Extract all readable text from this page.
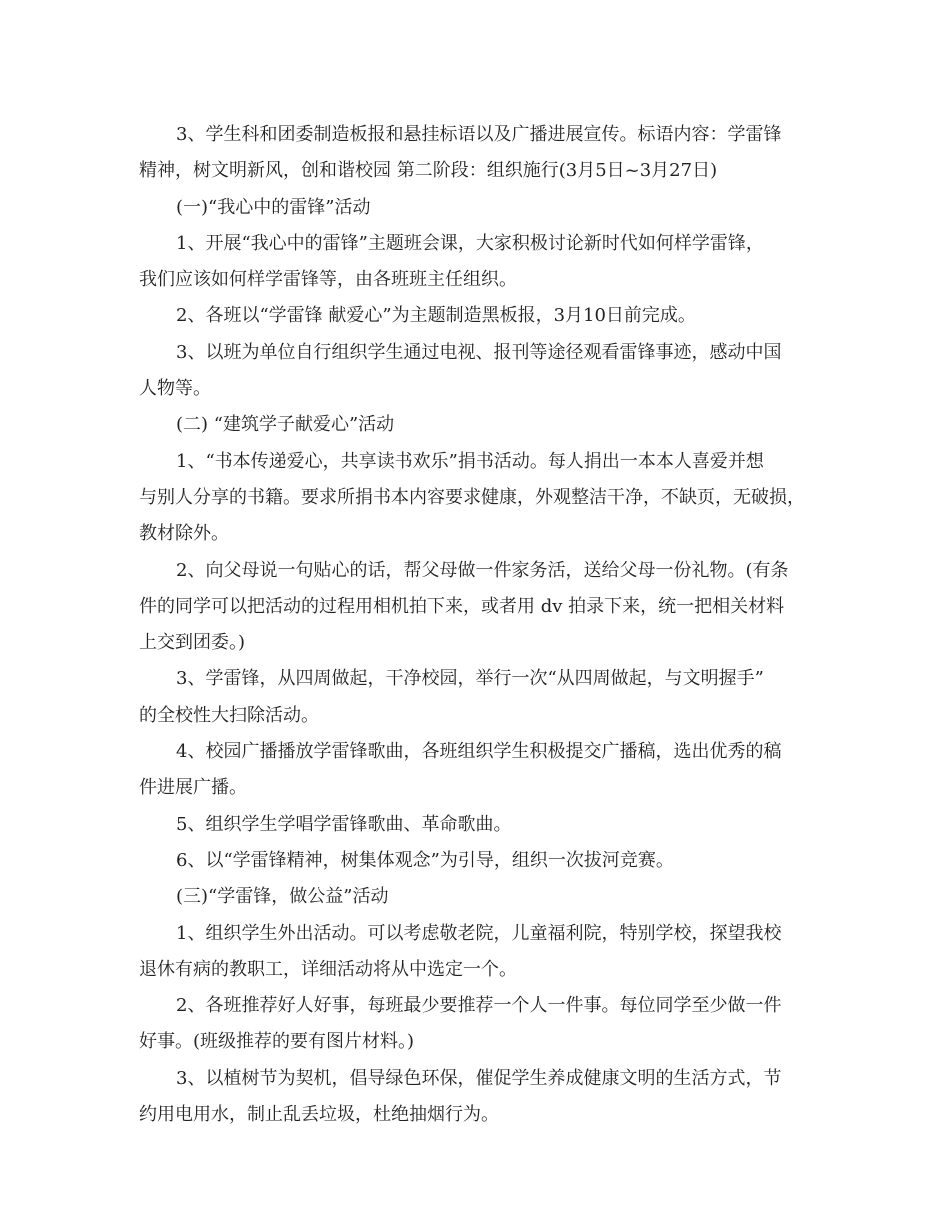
3、学生科和团委制造板报和悬挂标语以及广播进展宣传。标语内容：学雷锋
精神，树文明新风，创和谐校园 第二阶段：组织施行(3月5日~3月27日)

(一)“我心中的雷锋”活动

1、开展“我心中的雷锋”主题班会课，大家积极讨论新时代如何样学雷锋，
我们应该如何样学雷锋等，由各班班主任组织。

2、各班以“学雷锋 献爱心”为主题制造黑板报，3月10日前完成。

3、以班为单位自行组织学生通过电视、报刊等途径观看雷锋事迹，感动中国
人物等。

(二) “建筑学子献爱心”活动

1、“书本传递爱心，共享读书欢乐”捐书活动。每人捐出一本本人喜爱并想
与别人分享的书籍。要求所捐书本内容要求健康，外观整洁干净，不缺页，无破损，
教材除外。

2、向父母说一句贴心的话，帮父母做一件家务活，送给父母一份礼物。(有条
件的同学可以把活动的过程用相机拍下来，或者用 dv 拍录下来，统一把相关材料
上交到团委。)

3、学雷锋，从四周做起，干净校园，举行一次“从四周做起，与文明握手”
的全校性大扫除活动。

4、校园广播播放学雷锋歌曲，各班组织学生积极提交广播稿，选出优秀的稿
件进展广播。

5、组织学生学唱学雷锋歌曲、革命歌曲。

6、以“学雷锋精神，树集体观念”为引导，组织一次拔河竞赛。

(三)“学雷锋，做公益”活动

1、组织学生外出活动。可以考虑敬老院，儿童福利院，特别学校，探望我校
退休有病的教职工，详细活动将从中选定一个。

2、各班推荐好人好事，每班最少要推荐一个人一件事。每位同学至少做一件
好事。(班级推荐的要有图片材料。)

3、以植树节为契机，倡导绿色环保，催促学生养成健康文明的生活方式，节
约用电用水，制止乱丢垃圾，杜绝抽烟行为。
